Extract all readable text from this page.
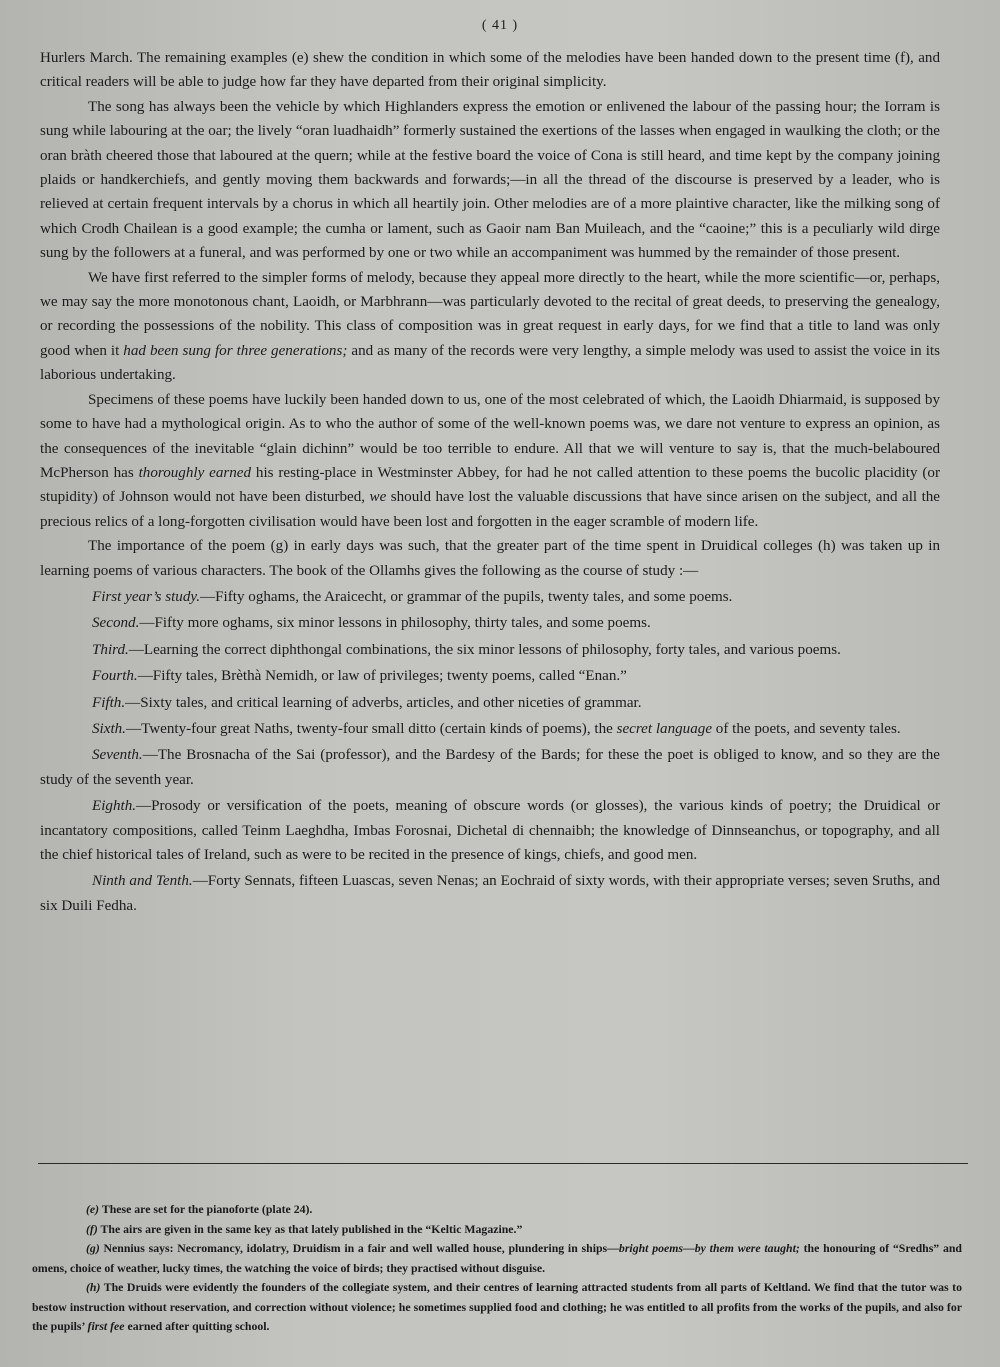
( 41 )

Hurlers March. The remaining examples (e) shew the condition in which some of the melodies have been handed down to the present time (f), and critical readers will be able to judge how far they have departed from their original simplicity.

The song has always been the vehicle by which Highlanders express the emotion or enlivened the labour of the passing hour; the Iorram is sung while labouring at the oar; the lively “oran luadhaidh” formerly sustained the exertions of the lasses when engaged in waulking the cloth; or the oran bràth cheered those that laboured at the quern; while at the festive board the voice of Cona is still heard, and time kept by the company joining plaids or handkerchiefs, and gently moving them backwards and forwards;—in all the thread of the discourse is preserved by a leader, who is relieved at certain frequent intervals by a chorus in which all heartily join. Other melodies are of a more plaintive character, like the milking song of which Crodh Chailean is a good example; the cumha or lament, such as Gaoir nam Ban Muileach, and the “caoine;” this is a peculiarly wild dirge sung by the followers at a funeral, and was performed by one or two while an accompaniment was hummed by the remainder of those present.

We have first referred to the simpler forms of melody, because they appeal more directly to the heart, while the more scientific—or, perhaps, we may say the more monotonous chant, Laoidh, or Marbhrann—was particularly devoted to the recital of great deeds, to preserving the genealogy, or recording the possessions of the nobility. This class of composition was in great request in early days, for we find that a title to land was only good when it had been sung for three generations; and as many of the records were very lengthy, a simple melody was used to assist the voice in its laborious undertaking.

Specimens of these poems have luckily been handed down to us, one of the most celebrated of which, the Laoidh Dhiarmaid, is supposed by some to have had a mythological origin. As to who the author of some of the well-known poems was, we dare not venture to express an opinion, as the consequences of the inevitable “glain dichinn” would be too terrible to endure. All that we will venture to say is, that the much-belaboured McPherson has thoroughly earned his resting-place in Westminster Abbey, for had he not called attention to these poems the bucolic placidity (or stupidity) of Johnson would not have been disturbed, we should have lost the valuable discussions that have since arisen on the subject, and all the precious relics of a long-forgotten civilisation would have been lost and forgotten in the eager scramble of modern life.

The importance of the poem (g) in early days was such, that the greater part of the time spent in Druidical colleges (h) was taken up in learning poems of various characters. The book of the Ollamhs gives the following as the course of study :—

First year’s study.—Fifty oghams, the Araicecht, or grammar of the pupils, twenty tales, and some poems.

Second.—Fifty more oghams, six minor lessons in philosophy, thirty tales, and some poems.

Third.—Learning the correct diphthongal combinations, the six minor lessons of philosophy, forty tales, and various poems.

Fourth.—Fifty tales, Brèthà Nemidh, or law of privileges; twenty poems, called “Enan.”

Fifth.—Sixty tales, and critical learning of adverbs, articles, and other niceties of grammar.

Sixth.—Twenty-four great Naths, twenty-four small ditto (certain kinds of poems), the secret language of the poets, and seventy tales.

Seventh.—The Brosnacha of the Sai (professor), and the Bardesy of the Bards; for these the poet is obliged to know, and so they are the study of the seventh year.

Eighth.—Prosody or versification of the poets, meaning of obscure words (or glosses), the various kinds of poetry; the Druidical or incantatory compositions, called Teinm Laeghdha, Imbas Forosnai, Dichetal di chennaibh; the knowledge of Dinnseanchus, or topography, and all the chief historical tales of Ireland, such as were to be recited in the presence of kings, chiefs, and good men.

Ninth and Tenth.—Forty Sennats, fifteen Luascas, seven Nenas; an Eochraid of sixty words, with their appropriate verses; seven Sruths, and six Duili Fedha.

(e) These are set for the pianoforte (plate 24).

(f) The airs are given in the same key as that lately published in the “Keltic Magazine.”

(g) Nennius says: Necromancy, idolatry, Druidism in a fair and well walled house, plundering in ships—bright poems—by them were taught; the honouring of “Sredhs” and omens, choice of weather, lucky times, the watching the voice of birds; they practised without disguise.

(h) The Druids were evidently the founders of the collegiate system, and their centres of learning attracted students from all parts of Keltland. We find that the tutor was to bestow instruction without reservation, and correction without violence; he sometimes supplied food and clothing; he was entitled to all profits from the works of the pupils, and also for the pupils’ first fee earned after quitting school.
